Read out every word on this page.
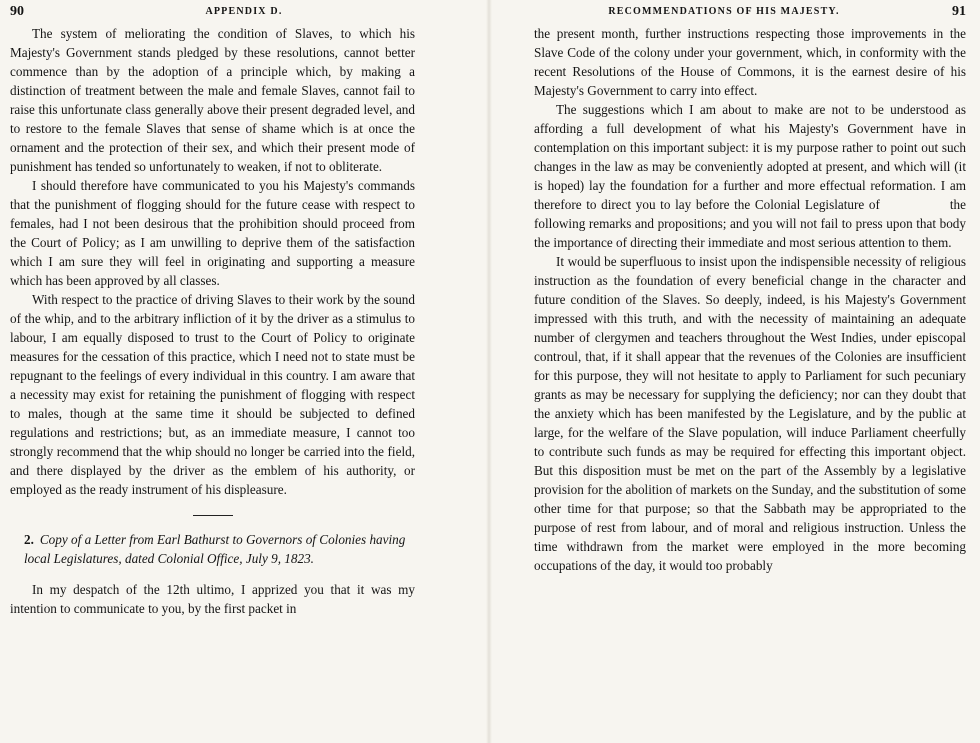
90	APPENDIX D.

The system of meliorating the condition of Slaves, to which his Majesty's Government stands pledged by these resolutions, cannot better commence than by the adoption of a principle which, by making a distinction of treatment between the male and female Slaves, cannot fail to raise this unfortunate class generally above their present degraded level, and to restore to the female Slaves that sense of shame which is at once the ornament and the protection of their sex, and which their present mode of punishment has tended so unfortunately to weaken, if not to obliterate.

I should therefore have communicated to you his Majesty's commands that the punishment of flogging should for the future cease with respect to females, had I not been desirous that the prohibition should proceed from the Court of Policy; as I am unwilling to deprive them of the satisfaction which I am sure they will feel in originating and supporting a measure which has been approved by all classes.

With respect to the practice of driving Slaves to their work by the sound of the whip, and to the arbitrary infliction of it by the driver as a stimulus to labour, I am equally disposed to trust to the Court of Policy to originate measures for the cessation of this practice, which I need not to state must be repugnant to the feelings of every individual in this country. I am aware that a necessity may exist for retaining the punishment of flogging with respect to males, though at the same time it should be subjected to defined regulations and restrictions; but, as an immediate measure, I cannot too strongly recommend that the whip should no longer be carried into the field, and there displayed by the driver as the emblem of his authority, or employed as the ready instrument of his displeasure.

2. Copy of a Letter from Earl Bathurst to Governors of Colonies having local Legislatures, dated Colonial Office, July 9, 1823.

In my despatch of the 12th ultimo, I apprized you that it was my intention to communicate to you, by the first packet in

RECOMMENDATIONS OF HIS MAJESTY.	91

the present month, further instructions respecting those improvements in the Slave Code of the colony under your government, which, in conformity with the recent Resolutions of the House of Commons, it is the earnest desire of his Majesty's Government to carry into effect.

The suggestions which I am about to make are not to be understood as affording a full development of what his Majesty's Government have in contemplation on this important subject: it is my purpose rather to point out such changes in the law as may be conveniently adopted at present, and which will (it is hoped) lay the foundation for a further and more effectual reformation. I am therefore to direct you to lay before the Colonial Legislature of	the following remarks and propositions; and you will not fail to press upon that body the importance of directing their immediate and most serious attention to them.

It would be superfluous to insist upon the indispensible necessity of religious instruction as the foundation of every beneficial change in the character and future condition of the Slaves. So deeply, indeed, is his Majesty's Government impressed with this truth, and with the necessity of maintaining an adequate number of clergymen and teachers throughout the West Indies, under episcopal controul, that, if it shall appear that the revenues of the Colonies are insufficient for this purpose, they will not hesitate to apply to Parliament for such pecuniary grants as may be necessary for supplying the deficiency; nor can they doubt that the anxiety which has been manifested by the Legislature, and by the public at large, for the welfare of the Slave population, will induce Parliament cheerfully to contribute such funds as may be required for effecting this important object. But this disposition must be met on the part of the Assembly by a legislative provision for the abolition of markets on the Sunday, and the substitution of some other time for that purpose; so that the Sabbath may be appropriated to the purpose of rest from labour, and of moral and religious instruction. Unless the time withdrawn from the market were employed in the more becoming occupations of the day, it would too probably
